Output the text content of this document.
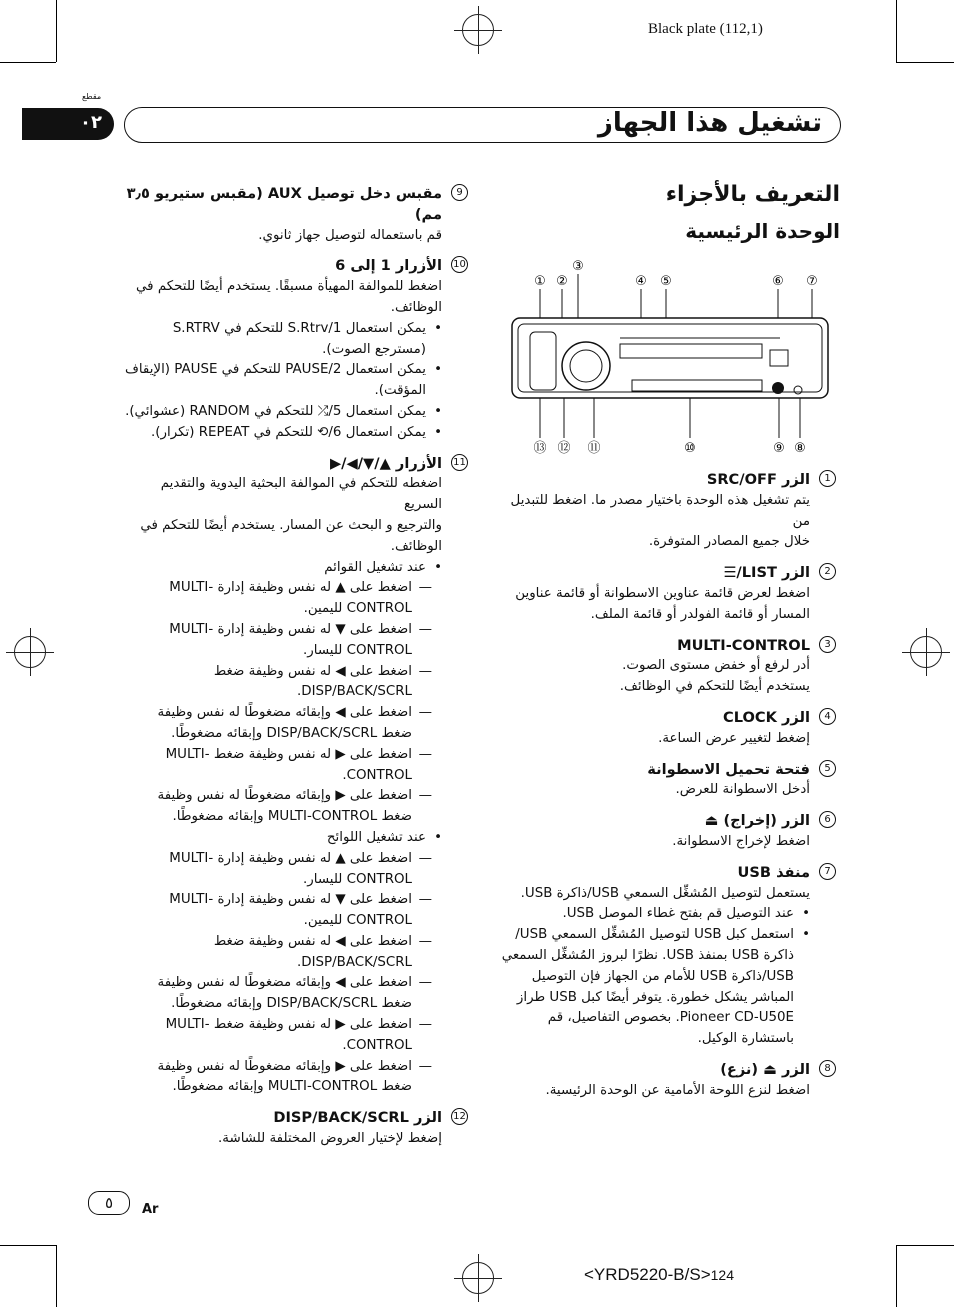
Black plate (112,1)
مقطع
٠٢	تشغيل هذا الجهاز
التعريف بالأجزاء
الوحدة الرئيسية
① ②
③
④ ⑤	⑥ ⑦
⑬ ⑫ ⑪	⑩	⑨ ⑧
1
الزر SRC/OFF
يتم تشغيل هذه الوحدة باختيار مصدر ما. اضغط للتبديل من
خلال جميع المصادر المتوفرة.
2
الزر LIST/☰
اضغط لعرض قائمة عناوين الاسطوانة أو قائمة عناوين
المسار أو قائمة الفولدر أو قائمة الملف.
3
MULTI-CONTROL
أدر لرفع أو خفض مستوى الصوت.
يستخدم أيضًا للتحكم في الوظائف.
4
الزر CLOCK
إضغط لتغيير عرض الساعة.
5
فتحة تحميل الاسطوانة
أدخل الاسطوانة للعرض.
6
الزر (إخراج) ⏏
اضغط لإخراج الاسطوانة.
7
منفذ USB
يستعمل لتوصيل المُشغِّل السمعي USB/ذاكرة USB.
• عند التوصيل قم بفتح غطاء الموصل USB.
• استعمل كبل USB لتوصيل المُشغِّل السمعي USB/ ذاكرة USB بمنفذ USB. نظرًا لبروز المُشغِّل السمعي USB/ذاكرة USB للأمام من الجهاز فإن التوصيل المباشر يشكل خطورة. يتوفر أيضًا كبل USB طراز Pioneer CD-U50E. بخصوص التفاصيل، قم باستشارة الوكيل.
8
الزر ⏏ (نزع)
اضغط لنزع اللوحة الأمامية عن الوحدة الرئيسية.
9
مقبس دخل توصيل AUX (مقبس ستيريو ٣٫٥ مم)
قم باستعماله لتوصيل جهاز ثانوي.
10
الأزرار 1 إلى 6
اضغط للموالفة المهيأة مسبقًا. يستخدم أيضًا للتحكم في
الوظائف.
• يمكن استعمال S.Rtrv/1 للتحكم في S.RTRV (مسترجع الصوت).
• يمكن استعمال PAUSE/2 للتحكم في PAUSE (الإيقاف المؤقت).
• يمكن استعمال 5/⤮ للتحكم في RANDOM (عشوائي).
• يمكن استعمال 6/⟲ للتحكم في REPEAT (تكرار).
11
الأزرار ▲/▼/◀/▶
اضغطه للتحكم في الموالفة البحثية اليدوية والتقديم السريع
والترجيع و البحث عن المسار. يستخدم أيضًا للتحكم في
الوظائف.
• عند تشغيل القوائم
— اضغط على ▲ له نفس وظيفة إدارة MULTI-CONTROL لليمين.
— اضغط على ▼ له نفس وظيفة إدارة MULTI-CONTROL لليسار.
— اضغط على ◀ له نفس وظيفة ضغط DISP/BACK/SCRL.
— اضغط على ◀ وإبقائه مضغوطًا له نفس وظيفة ضغط DISP/BACK/SCRL وإبقائه مضغوطًا.
— اضغط على ▶ له نفس وظيفة ضغط MULTI-CONTROL.
— اضغط على ▶ وإبقائه مضغوطًا له نفس وظيفة ضغط MULTI-CONTROL وإبقائه مضغوطًا.
• عند تشغيل اللوائح
— اضغط على ▲ له نفس وظيفة إدارة MULTI-CONTROL لليسار.
— اضغط على ▼ له نفس وظيفة إدارة MULTI-CONTROL لليمين.
— اضغط على ◀ له نفس وظيفة ضغط DISP/BACK/SCRL.
— اضغط على ◀ وإبقائه مضغوطًا له نفس وظيفة ضغط DISP/BACK/SCRL وإبقائه مضغوطًا.
— اضغط على ▶ له نفس وظيفة ضغط MULTI-CONTROL.
— اضغط على ▶ وإبقائه مضغوطًا له نفس وظيفة ضغط MULTI-CONTROL وإبقائه مضغوطًا.
12
الزر DISP/BACK/SCRL
إضغط لإختيار العروض المختلفة للشاشة.
٥	Ar
<YRD5220-B/S>124
